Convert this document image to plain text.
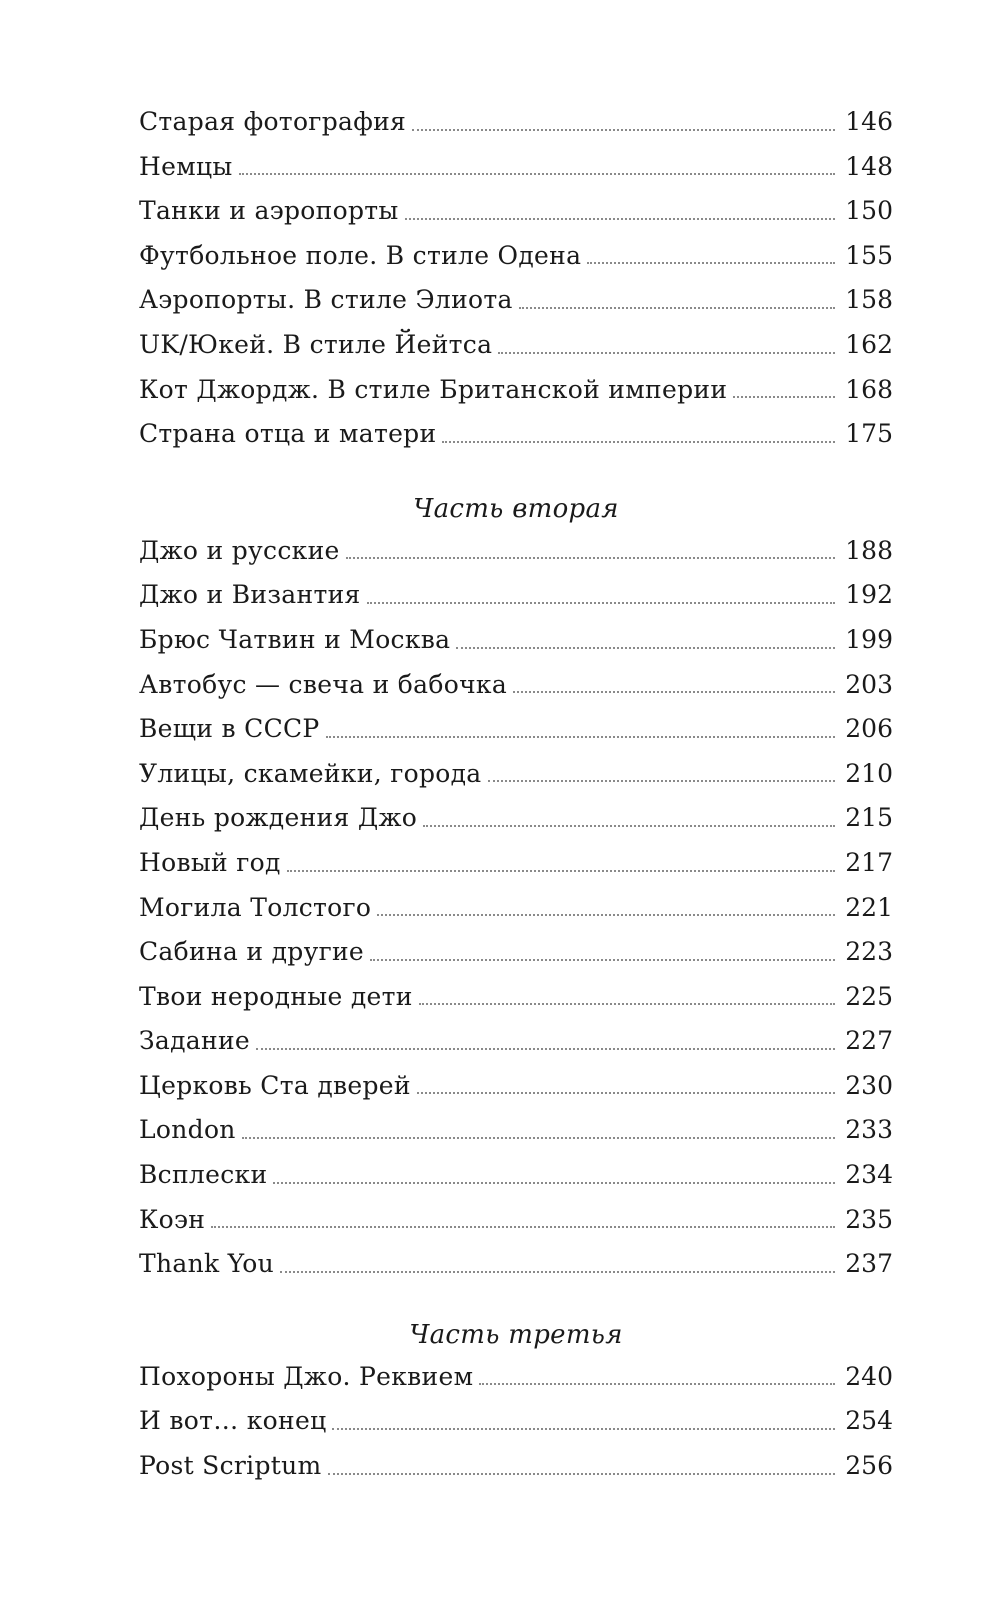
Старая фотография	146
Немцы	148
Танки и аэропорты	150
Футбольное поле. В стиле Одена	155
Аэропорты. В стиле Элиота	158
UK/Юкей. В стиле Йейтса	162
Кот Джордж. В стиле Британской империи	168
Страна отца и матери	175
Часть вторая
Джо и русские	188
Джо и Византия	192
Брюс Чатвин и Москва	199
Автобус — свеча и бабочка	203
Вещи в СССР	206
Улицы, скамейки, города	210
День рождения Джо	215
Новый год	217
Могила Толстого	221
Сабина и другие	223
Твои неродные дети	225
Задание	227
Церковь Ста дверей	230
London	233
Всплески	234
Коэн	235
Thank You	237
Часть третья
Похороны Джо. Реквием	240
И вот… конец	254
Post Scriptum	256
